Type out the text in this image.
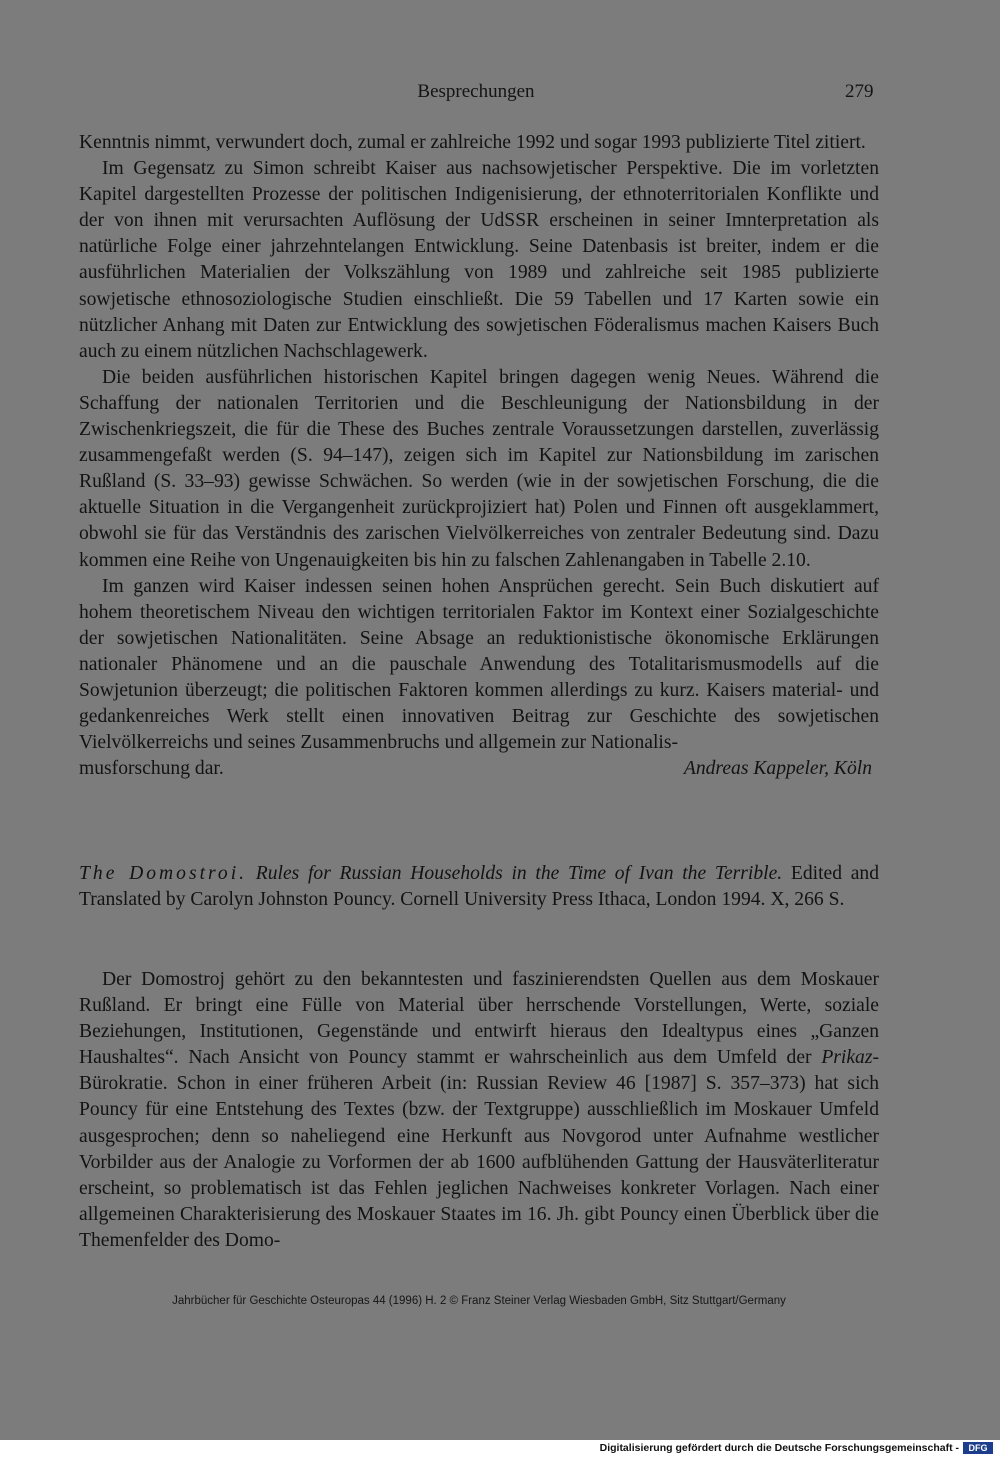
Besprechungen	279

Kenntnis nimmt, verwundert doch, zumal er zahlreiche 1992 und sogar 1993 publizierte Titel zitiert.

Im Gegensatz zu Simon schreibt Kaiser aus nachsowjetischer Perspektive. Die im vorletzten Kapitel dargestellten Prozesse der politischen Indigenisierung, der ethnoterritorialen Konflikte und der von ihnen mit verursachten Auflösung der UdSSR erscheinen in seiner Imnterpretation als natürliche Folge einer jahrzehntelangen Entwicklung. Seine Datenbasis ist breiter, indem er die ausführlichen Materialien der Volkszählung von 1989 und zahlreiche seit 1985 publizierte sowjetische ethnosoziologische Studien einschließt. Die 59 Tabellen und 17 Karten sowie ein nützlicher Anhang mit Daten zur Entwicklung des sowjetischen Föderalismus machen Kaisers Buch auch zu einem nützlichen Nachschlagewerk.

Die beiden ausführlichen historischen Kapitel bringen dagegen wenig Neues. Während die Schaffung der nationalen Territorien und die Beschleunigung der Nationsbildung in der Zwischenkriegszeit, die für die These des Buches zentrale Voraussetzungen darstellen, zuverlässig zusammengefaßt werden (S. 94–147), zeigen sich im Kapitel zur Nationsbildung im zarischen Rußland (S. 33–93) gewisse Schwächen. So werden (wie in der sowjetischen Forschung, die die aktuelle Situation in die Vergangenheit zurückprojiziert hat) Polen und Finnen oft ausgeklammert, obwohl sie für das Verständnis des zarischen Vielvölkerreiches von zentraler Bedeutung sind. Dazu kommen eine Reihe von Ungenauigkeiten bis hin zu falschen Zahlenangaben in Tabelle 2.10.

Im ganzen wird Kaiser indessen seinen hohen Ansprüchen gerecht. Sein Buch diskutiert auf hohem theoretischem Niveau den wichtigen territorialen Faktor im Kontext einer Sozialgeschichte der sowjetischen Nationalitäten. Seine Absage an reduktionistische ökonomische Erklärungen nationaler Phänomene und an die pauschale Anwendung des Totalitarismusmodells auf die Sowjetunion überzeugt; die politischen Faktoren kommen allerdings zu kurz. Kaisers material- und gedankenreiches Werk stellt einen innovativen Beitrag zur Geschichte des sowjetischen Vielvölkerreichs und seines Zusammenbruchs und allgemein zur Nationalis-

musforschung dar.	Andreas Kappeler, Köln
The Domostroi. Rules for Russian Households in the Time of Ivan the Terrible. Edited and Translated by Carolyn Johnston Pouncy. Cornell University Press Ithaca, London 1994. X, 266 S.

Der Domostroj gehört zu den bekanntesten und faszinierendsten Quellen aus dem Moskauer Rußland. Er bringt eine Fülle von Material über herrschende Vorstellungen, Werte, soziale Beziehungen, Institutionen, Gegenstände und entwirft hieraus den Idealtypus eines „Ganzen Haushaltes“. Nach Ansicht von Pouncy stammt er wahrscheinlich aus dem Umfeld der Prikaz-Bürokratie. Schon in einer früheren Arbeit (in: Russian Review 46 [1987] S. 357–373) hat sich Pouncy für eine Entstehung des Textes (bzw. der Textgruppe) ausschließlich im Moskauer Umfeld ausgesprochen; denn so naheliegend eine Herkunft aus Novgorod unter Aufnahme westlicher Vorbilder aus der Analogie zu Vorformen der ab 1600 aufblühenden Gattung der Hausväterliteratur erscheint, so problematisch ist das Fehlen jeglichen Nachweises konkreter Vorlagen. Nach einer allgemeinen Charakterisierung des Moskauer Staates im 16. Jh. gibt Pouncy einen Überblick über die Themenfelder des Domo-

Jahrbücher für Geschichte Osteuropas 44 (1996) H. 2 © Franz Steiner Verlag Wiesbaden GmbH, Sitz Stuttgart/Germany
Digitalisierung gefördert durch die Deutsche Forschungsgemeinschaft -	DFG
